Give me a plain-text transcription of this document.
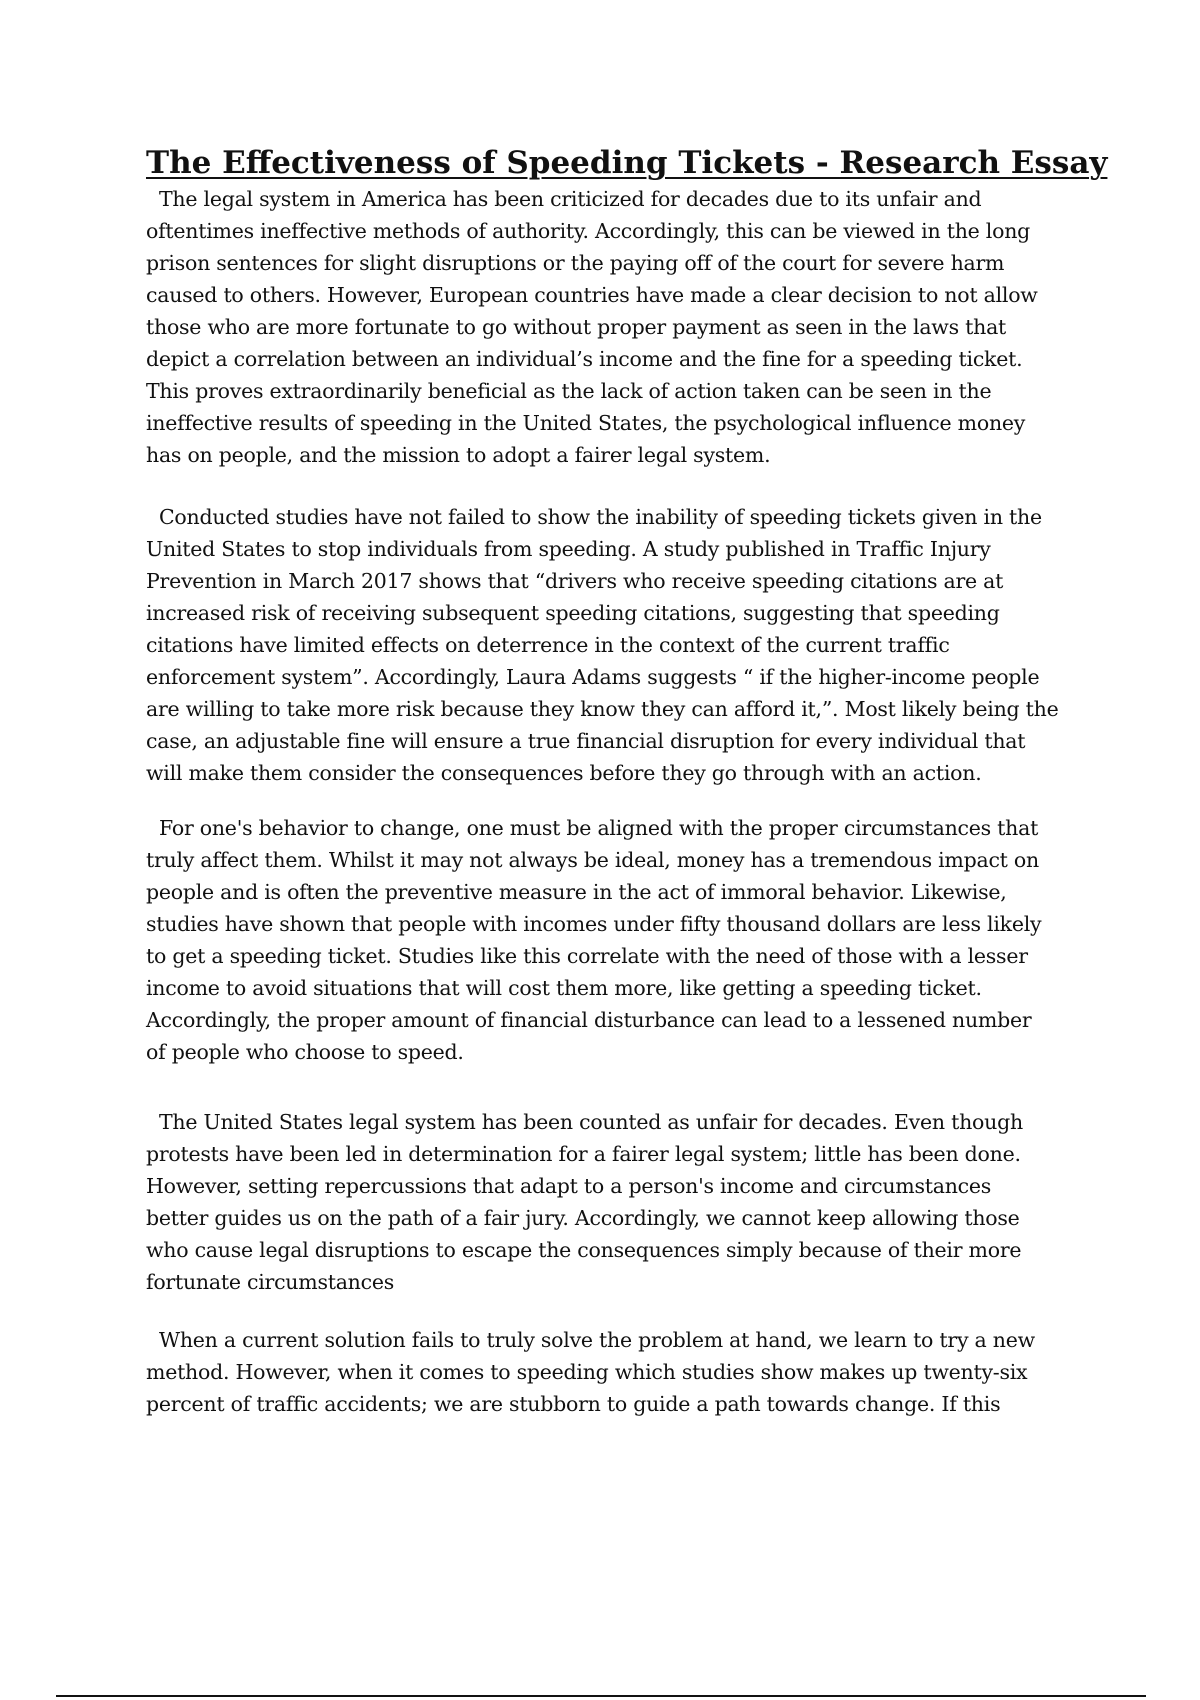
The Effectiveness of Speeding Tickets - Research Essay
The legal system in America has been criticized for decades due to its unfair and
oftentimes ineffective methods of authority. Accordingly, this can be viewed in the long
prison sentences for slight disruptions or the paying off of the court for severe harm
caused to others. However, European countries have made a clear decision to not allow
those who are more fortunate to go without proper payment as seen in the laws that
depict a correlation between an individual’s income and the fine for a speeding ticket.
This proves extraordinarily beneficial as the lack of action taken can be seen in the
ineffective results of speeding in the United States, the psychological influence money
has on people, and the mission to adopt a fairer legal system.
Conducted studies have not failed to show the inability of speeding tickets given in the
United States to stop individuals from speeding. A study published in Traffic Injury
Prevention in March 2017 shows that “drivers who receive speeding citations are at
increased risk of receiving subsequent speeding citations, suggesting that speeding
citations have limited effects on deterrence in the context of the current traffic
enforcement system”. Accordingly, Laura Adams suggests “ if the higher-income people
are willing to take more risk because they know they can afford it,”. Most likely being the
case, an adjustable fine will ensure a true financial disruption for every individual that
will make them consider the consequences before they go through with an action.
For one's behavior to change, one must be aligned with the proper circumstances that
truly affect them. Whilst it may not always be ideal, money has a tremendous impact on
people and is often the preventive measure in the act of immoral behavior. Likewise,
studies have shown that people with incomes under fifty thousand dollars are less likely
to get a speeding ticket. Studies like this correlate with the need of those with a lesser
income to avoid situations that will cost them more, like getting a speeding ticket.
Accordingly, the proper amount of financial disturbance can lead to a lessened number
of people who choose to speed.
The United States legal system has been counted as unfair for decades. Even though
protests have been led in determination for a fairer legal system; little has been done.
However, setting repercussions that adapt to a person's income and circumstances
better guides us on the path of a fair jury. Accordingly, we cannot keep allowing those
who cause legal disruptions to escape the consequences simply because of their more
fortunate circumstances
When a current solution fails to truly solve the problem at hand, we learn to try a new
method. However, when it comes to speeding which studies show makes up twenty-six
percent of traffic accidents; we are stubborn to guide a path towards change. If this
